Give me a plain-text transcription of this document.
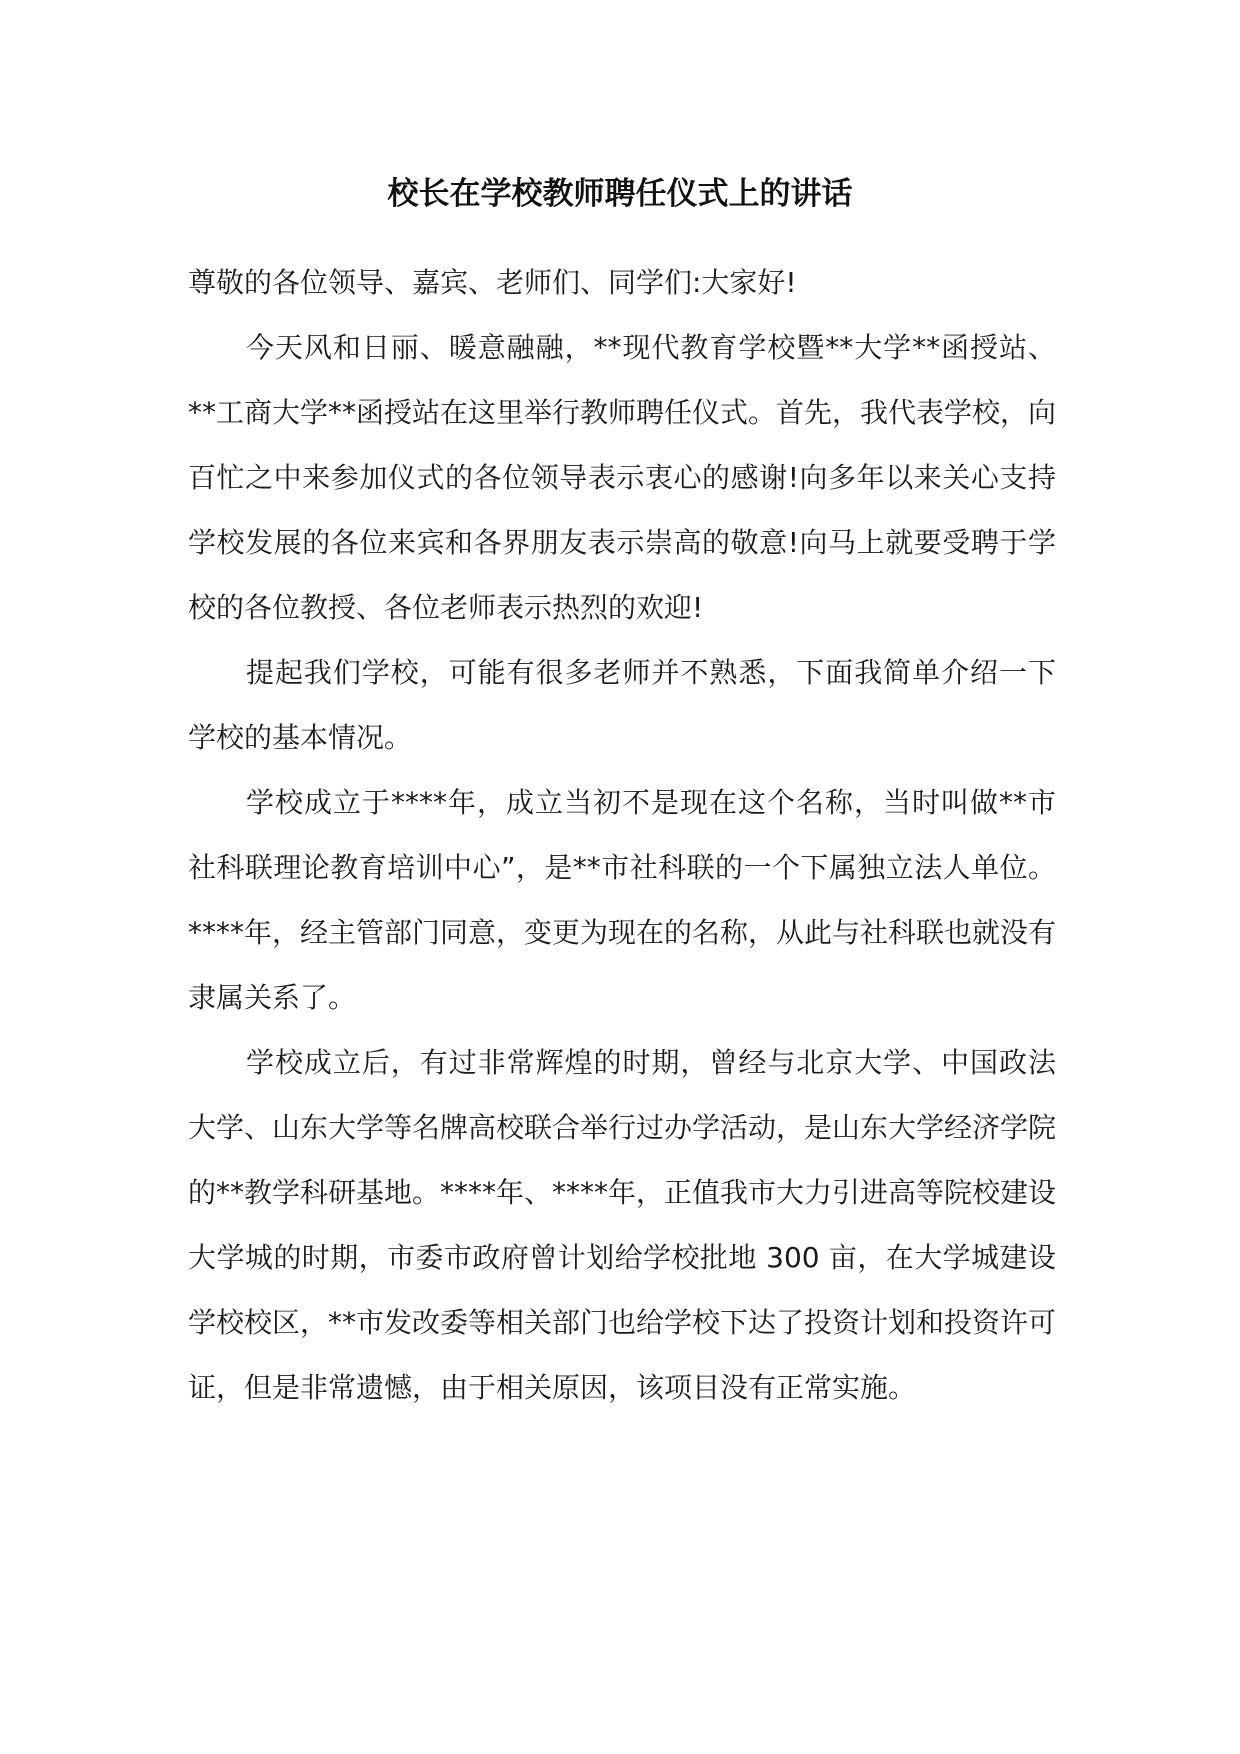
校长在学校教师聘任仪式上的讲话

尊敬的各位领导、嘉宾、老师们、同学们:大家好!

今天风和日丽、暖意融融，**现代教育学校暨**大学**函授站、**工商大学**函授站在这里举行教师聘任仪式。首先，我代表学校，向百忙之中来参加仪式的各位领导表示衷心的感谢!向多年以来关心支持学校发展的各位来宾和各界朋友表示崇高的敬意!向马上就要受聘于学校的各位教授、各位老师表示热烈的欢迎!

提起我们学校，可能有很多老师并不熟悉，下面我简单介绍一下学校的基本情况。

学校成立于****年，成立当初不是现在这个名称，当时叫做**市社科联理论教育培训中心”，是**市社科联的一个下属独立法人单位。****年，经主管部门同意，变更为现在的名称，从此与社科联也就没有隶属关系了。

学校成立后，有过非常辉煌的时期，曾经与北京大学、中国政法大学、山东大学等名牌高校联合举行过办学活动，是山东大学经济学院的**教学科研基地。****年、****年，正值我市大力引进高等院校建设大学城的时期，市委市政府曾计划给学校批地 300 亩，在大学城建设学校校区，**市发改委等相关部门也给学校下达了投资计划和投资许可证，但是非常遗憾，由于相关原因，该项目没有正常实施。
